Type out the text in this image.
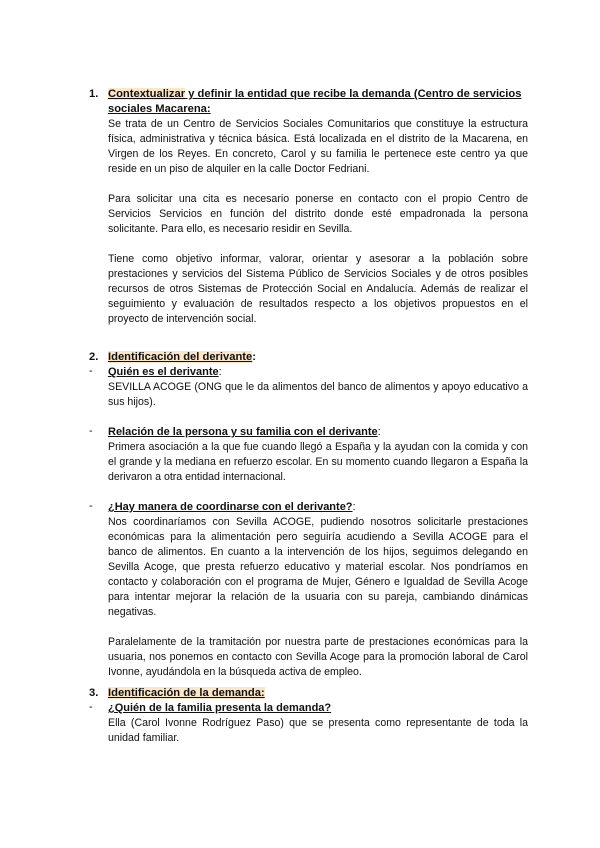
1. Contextualizar y definir la entidad que recibe la demanda (Centro de servicios sociales Macarena:
Se trata de un Centro de Servicios Sociales Comunitarios que constituye la estructura física, administrativa y técnica básica. Está localizada en el distrito de la Macarena, en Virgen de los Reyes. En concreto, Carol y su familia le pertenece este centro ya que reside en un piso de alquiler en la calle Doctor Fedriani.
Para solicitar una cita es necesario ponerse en contacto con el propio Centro de Servicios Servicios en función del distrito donde esté empadronada la persona solicitante. Para ello, es necesario residir en Sevilla.
Tiene como objetivo informar, valorar, orientar y asesorar a la población sobre prestaciones y servicios del Sistema Público de Servicios Sociales y de otros posibles recursos de otros Sistemas de Protección Social en Andalucía. Además de realizar el seguimiento y evaluación de resultados respecto a los objetivos propuestos en el proyecto de intervención social.
2. Identificación del derivante:
-	Quién es el derivante:
SEVILLA ACOGE (ONG que le da alimentos del banco de alimentos y apoyo educativo a sus hijos).
-	Relación de la persona y su familia con el derivante:
Primera asociación a la que fue cuando llegó a España y la ayudan con la comida y con el grande y la mediana en refuerzo escolar. En su momento cuando llegaron a España la derivaron a otra entidad internacional.
-	¿Hay manera de coordinarse con el derivante?:
Nos coordinaríamos con Sevilla ACOGE, pudiendo nosotros solicitarle prestaciones económicas para la alimentación pero seguiría acudiendo a Sevilla ACOGE para el banco de alimentos. En cuanto a la intervención de los hijos, seguimos delegando en Sevilla Acoge, que presta refuerzo educativo y material escolar. Nos pondríamos en contacto y colaboración con el programa de Mujer, Género e Igualdad de Sevilla Acoge para intentar mejorar la relación de la usuaria con su pareja, cambiando dinámicas negativas.
Paralelamente de la tramitación por nuestra parte de prestaciones económicas para la usuaria, nos ponemos en contacto con Sevilla Acoge para la promoción laboral de Carol Ivonne, ayudándola en la búsqueda activa de empleo.
3. Identificación de la demanda:
-	¿Quién de la familia presenta la demanda?
Ella (Carol Ivonne Rodríguez Paso) que se presenta como representante de toda la unidad familiar.
